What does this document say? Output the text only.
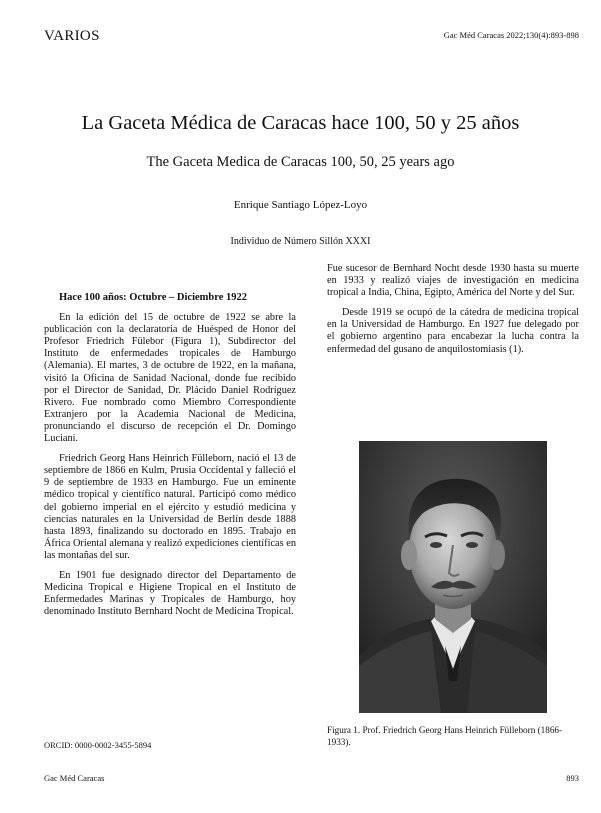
VARIOS	Gac Méd Caracas 2022;130(4):893-898
La Gaceta Médica de Caracas hace 100, 50 y 25 años
The Gaceta Medica de Caracas 100, 50, 25 years ago
Enrique Santiago López-Loyo
Individuo de Número Sillón XXXI

Hace 100 años: Octubre – Diciembre 1922

En la edición del 15 de octubre de 1922 se abre la publicación con la declaratoria de Huésped de Honor del Profesor Friedrich Fülebor (Figura 1), Subdirector del Instituto de enfermedades tropicales de Hamburgo (Alemania). El martes, 3 de octubre de 1922, en la mañana, visitó la Oficina de Sanidad Nacional, donde fue recibido por el Director de Sanidad, Dr. Plácido Daniel Rodríguez Rivero. Fue nombrado como Miembro Correspondiente Extranjero por la Academia Nacional de Medicina, pronunciando el discurso de recepción el Dr. Domingo Luciani.

Friedrich Georg Hans Heinrich Fülleborn, nació el 13 de septiembre de 1866 en Kulm, Prusia Occidental y falleció el 9 de septiembre de 1933 en Hamburgo. Fue un eminente médico tropical y científico natural. Participó como médico del gobierno imperial en el ejército y estudió medicina y ciencias naturales en la Universidad de Berlín desde 1888 hasta 1893, finalizando su doctorado en 1895. Trabajo en África Oriental alemana y realizó expediciones científicas en las montañas del sur.

En 1901 fue designado director del Departamento de Medicina Tropical e Higiene Tropical en el Instituto de Enfermedades Marinas y Tropicales de Hamburgo, hoy denominado Instituto Bernhard Nocht de Medicina Tropical.

Fue sucesor de Bernhard Nocht desde 1930 hasta su muerte en 1933 y realizó viajes de investigación en medicina tropical a India, China, Egipto, América del Norte y del Sur.

Desde 1919 se ocupó de la cátedra de medicina tropical en la Universidad de Hamburgo. En 1927 fue delegado por el gobierno argentino para encabezar la lucha contra la enfermedad del gusano de anquilostomiasis (1).

Figura 1. Prof. Friedrich Georg Hans Heinrich Fülleborn (1866-1933).
ORCID: 0000-0002-3455-5894
Gac Méd Caracas	893
